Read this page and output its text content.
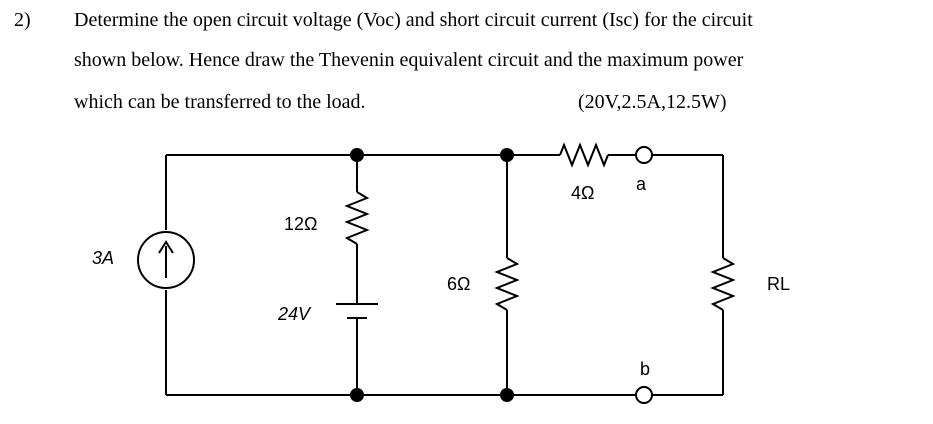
2) Determine the open circuit voltage (Voc) and short circuit current (Isc) for the circuit
shown below. Hence draw the Thevenin equivalent circuit and the maximum power
which can be transferred to the load.	(20V,2.5A,12.5W)
3A
12Ω
24V
6Ω
4Ω a
b
RL
